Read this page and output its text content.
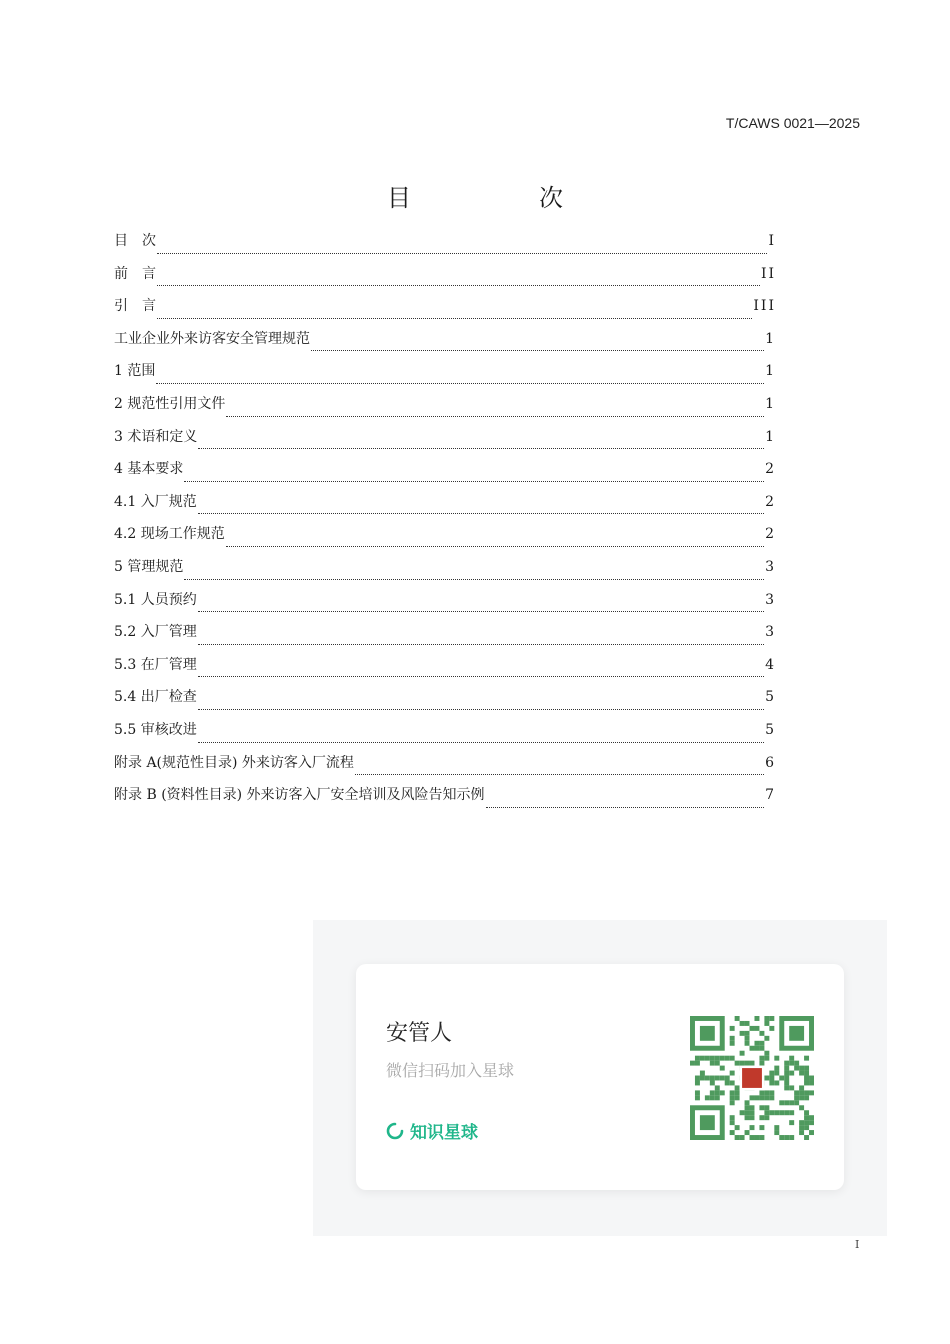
T/CAWS 0021—2025
目　次
目　次	I
前　言	II
引　言	III
工业企业外来访客安全管理规范	1
1 范围	1
2 规范性引用文件	1
3 术语和定义	1
4 基本要求	2
4.1 入厂规范	2
4.2 现场工作规范	2
5 管理规范	3
5.1 人员预约	3
5.2 入厂管理	3
5.3 在厂管理	4
5.4 出厂检查	5
5.5 审核改进	5
附录 A(规范性目录) 外来访客入厂流程	6
附录 B (资料性目录) 外来访客入厂安全培训及风险告知示例	7
安管人
微信扫码加入星球
知识星球
I
